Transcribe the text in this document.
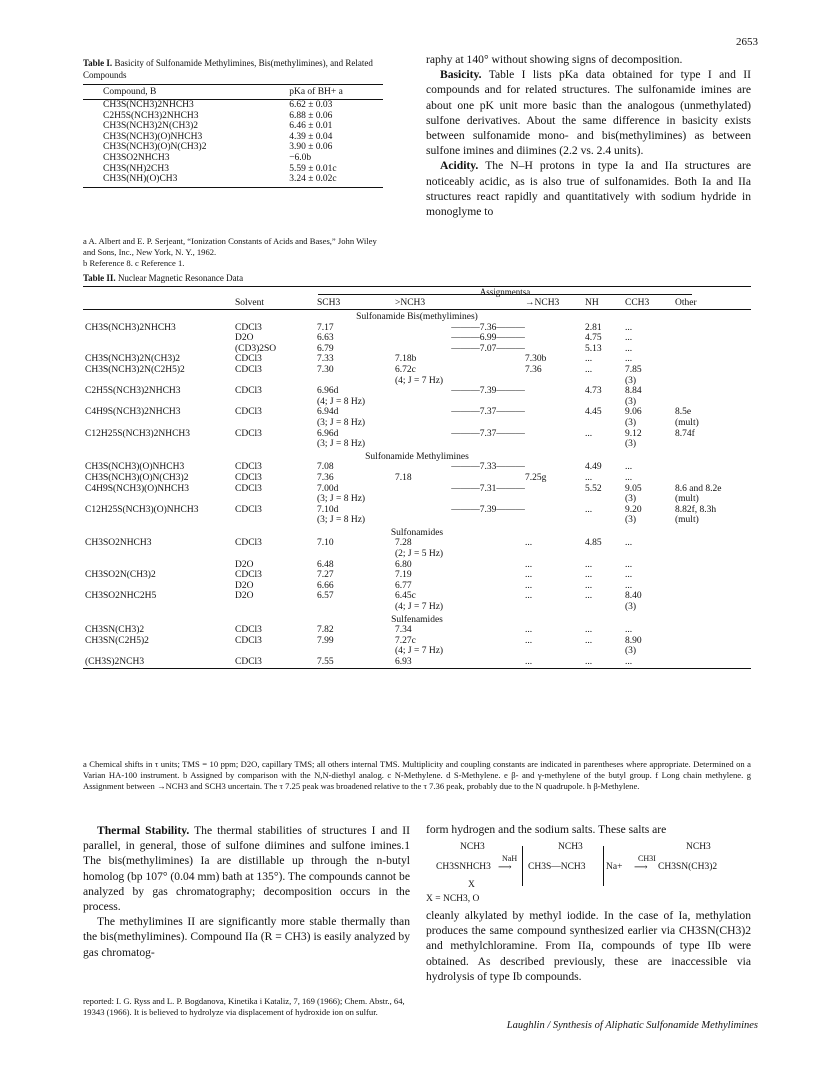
2653
Table I. Basicity of Sulfonamide Methylimines, Bis(methylimines), and Related Compounds
Compound, B	pKa of BH+ a
CH3S(NCH3)2NHCH3	6.62 ± 0.03
C2H5S(NCH3)2NHCH3	6.88 ± 0.06
CH3S(NCH3)2N(CH3)2	6.46 ± 0.01
CH3S(NCH3)(O)NHCH3	4.39 ± 0.04
CH3S(NCH3)(O)N(CH3)2	3.90 ± 0.06
CH3SO2NHCH3	−6.0b
CH3S(NH)2CH3	5.59 ± 0.01c
CH3S(NH)(O)CH3	3.24 ± 0.02c
a A. Albert and E. P. Serjeant, “Ionization Constants of Acids and Bases,” John Wiley and Sons, Inc., New York, N. Y., 1962.
b Reference 8. c Reference 1.
raphy at 140° without showing signs of decomposition.
Basicity. Table I lists pKa data obtained for type I and II compounds and for related structures. The sulfonamide imines are about one pK unit more basic than the analogous (unmethylated) sulfone derivatives. About the same difference in basicity exists between sulfonamide mono- and bis(methylimines) as between sulfone imines and diimines (2.2 vs. 2.4 units).
Acidity. The N–H protons in type Ia and IIa structures are noticeably acidic, as is also true of sulfonamides. Both Ia and IIa structures react rapidly and quantitatively with sodium hydride in monoglyme to
Table II. Nuclear Magnetic Resonance Data
Assignmentsa
	Solvent	SCH3	>NCH3	→NCH3	NH	CCH3	Other
Sulfonamide Bis(methylimines)							
CH3S(NCH3)2NHCH3	CDCl3	7.17	———7.36———		2.81	...	
	D2O	6.63	———6.99———		4.75	...	
	(CD3)2SO	6.79	———7.07———		5.13	...	
CH3S(NCH3)2N(CH3)2	CDCl3	7.33	7.18b	7.30b	...	...	
CH3S(NCH3)2N(C2H5)2	CDCl3	7.30	6.72c	7.36	...	7.85	
			(4; J = 7 Hz)			(3)	
C2H5S(NCH3)2NHCH3	CDCl3	6.96d	———7.39———		4.73	8.84	
		(4; J = 8 Hz)				(3)	
C4H9S(NCH3)2NHCH3	CDCl3	6.94d	———7.37———		4.45	9.06	8.5e
		(3; J = 8 Hz)				(3)	(mult)
C12H25S(NCH3)2NHCH3	CDCl3	6.96d	———7.37———		...	9.12	8.74f
		(3; J = 8 Hz)				(3)	
Sulfonamide Methylimines							
CH3S(NCH3)(O)NHCH3	CDCl3	7.08	———7.33———		4.49	...	
CH3S(NCH3)(O)N(CH3)2	CDCl3	7.36	7.18	7.25g	...	...	
C4H9S(NCH3)(O)NHCH3	CDCl3	7.00d	———7.31———		5.52	9.05	8.6 and 8.2e
		(3; J = 8 Hz)				(3)	(mult)
C12H25S(NCH3)(O)NHCH3	CDCl3	7.10d	———7.39———		...	9.20	8.82f, 8.3h
		(3; J = 8 Hz)				(3)	(mult)
Sulfonamides							
CH3SO2NHCH3	CDCl3	7.10	7.28	...	4.85	...	
			(2; J = 5 Hz)				
	D2O	6.48	6.80	...	...	...	
CH3SO2N(CH3)2	CDCl3	7.27	7.19	...	...	...	
	D2O	6.66	6.77	...	...	...	
CH3SO2NHC2H5	D2O	6.57	6.45c	...	...	8.40	
			(4; J = 7 Hz)			(3)	
Sulfenamides							
CH3SN(CH3)2	CDCl3	7.82	7.34	...	...	...	
CH3SN(C2H5)2	CDCl3	7.99	7.27c	...	...	8.90	
			(4; J = 7 Hz)			(3)	
(CH3S)2NCH3	CDCl3	7.55	6.93	...	...	...	
a Chemical shifts in τ units; TMS = 10 ppm; D2O, capillary TMS; all others internal TMS. Multiplicity and coupling constants are indicated in parentheses where appropriate. Determined on a Varian HA-100 instrument. b Assigned by comparison with the N,N-diethyl analog. c N-Methylene. d S-Methylene. e β- and γ-methylene of the butyl group. f Long chain methylene. g Assignment between →NCH3 and SCH3 uncertain. The τ 7.25 peak was broadened relative to the τ 7.36 peak, probably due to the N quadrupole. h β-Methylene.
Thermal Stability. The thermal stabilities of structures I and II parallel, in general, those of sulfone diimines and sulfone imines.1 The bis(methylimines) Ia are distillable up through the n-butyl homolog (bp 107° (0.04 mm) bath at 135°). The compounds cannot be analyzed by gas chromatography; decomposition occurs in the process.
The methylimines II are significantly more stable thermally than the bis(methylimines). Compound IIa (R = CH3) is easily analyzed by gas chromatog-
reported: I. G. Ryss and L. P. Bogdanova, Kinetika i Kataliz, 7, 169 (1966); Chem. Abstr., 64, 19343 (1966). It is believed to hydrolyze via displacement of hydroxide ion on sulfur.
form hydrogen and the sodium salts. These salts are
NCH3	NCH3	NCH3
CH3SNHCH3
NaH
⟶ CH3S—NCH3 Na+
CH3I
⟶ CH3SN(CH3)2
X
X = NCH3, O
cleanly alkylated by methyl iodide. In the case of Ia, methylation produces the same compound synthesized earlier via CH3SN(CH3)2 and methylchloramine. From IIa, compounds of type IIb were obtained. As described previously, these are inaccessible via hydrolysis of type Ib compounds.
Laughlin / Synthesis of Aliphatic Sulfonamide Methylimines
